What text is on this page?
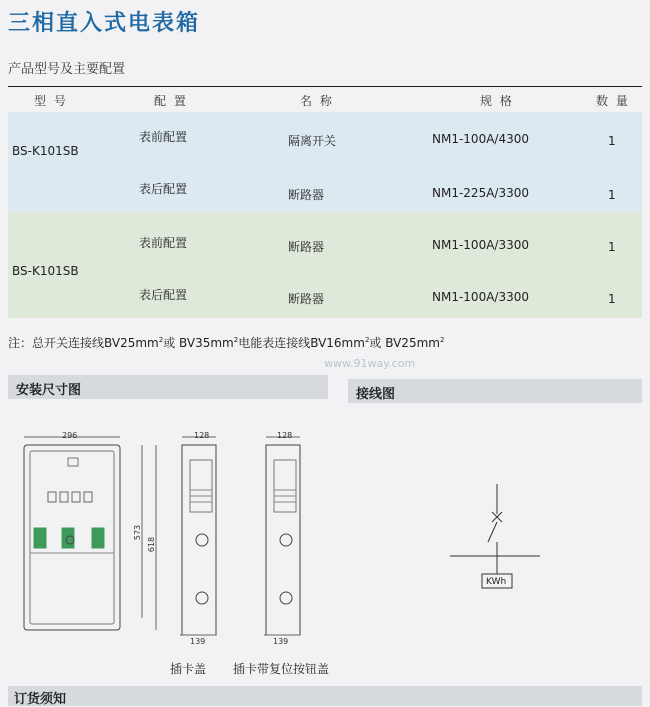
三相直入式电表箱
产品型号及主要配置
型 号	配 置	名 称	规 格	数 量
BS-K101SB
表前配置	隔离开关	NM1-100A/4300	1
表后配置	断路器	NM1-225A/3300	1
BS-K101SB
表前配置	断路器	NM1-100A/3300	1
表后配置	断路器	NM1-100A/3300	1
注：总开关连接线$BV25mm^2$或 $BV35mm^2$电能表连接线$BV16mm^2$或 $BV25mm^2$
www.91way.com
安装尺寸图	接线图
订货须知
296
573
618
128	128
139	139
插卡盖 插卡带复位按钮盖
KWh
